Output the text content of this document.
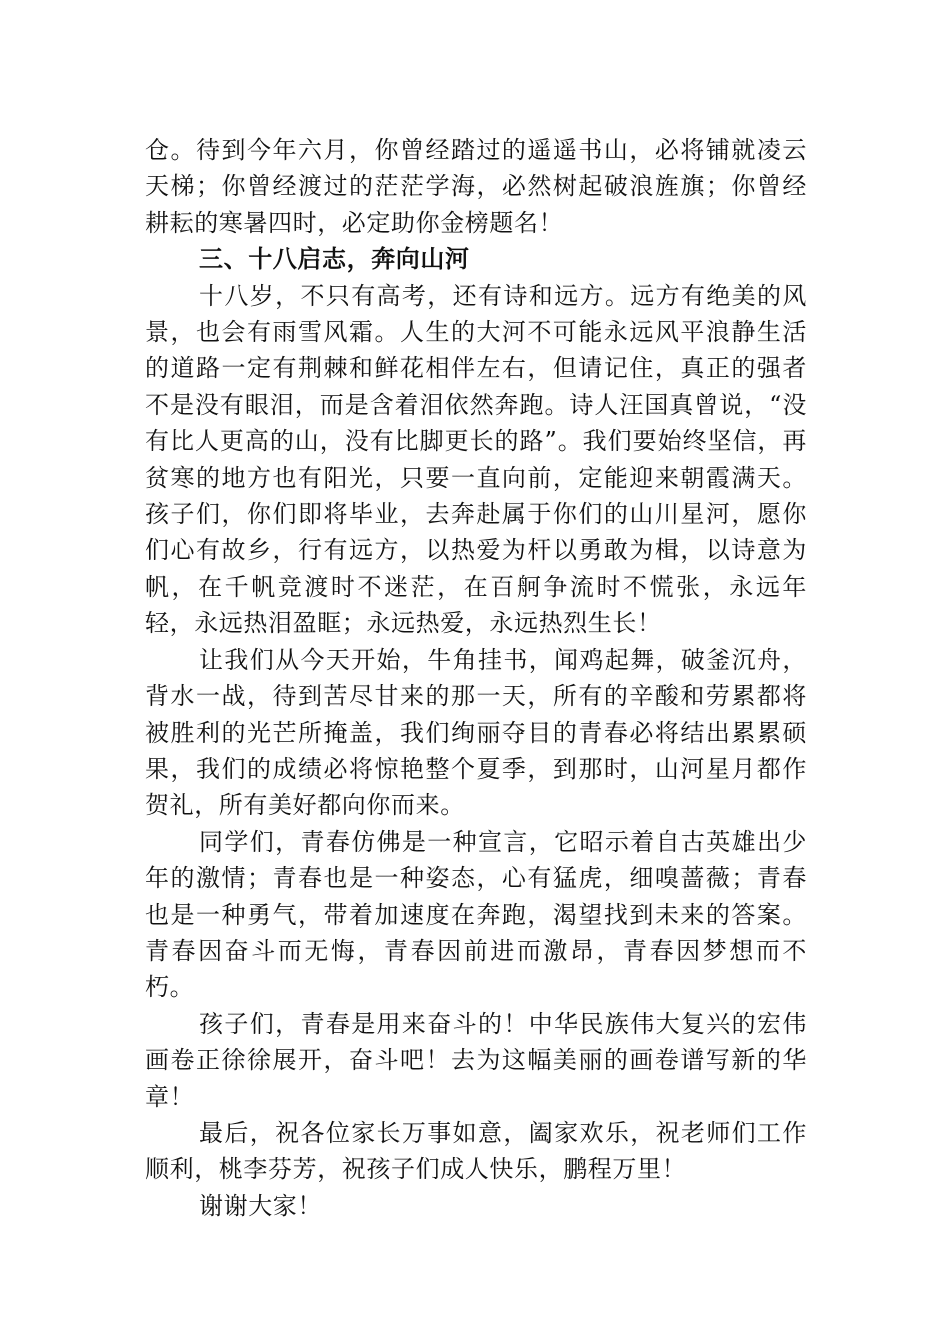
仓。待到今年六月，你曾经踏过的遥遥书山，必将铺就凌云天梯；你曾经渡过的茫茫学海，必然树起破浪旌旗；你曾经耕耘的寒暑四时，必定助你金榜题名！

三、十八启志，奔向山河

十八岁，不只有高考，还有诗和远方。远方有绝美的风景，也会有雨雪风霜。人生的大河不可能永远风平浪静生活的道路一定有荆棘和鲜花相伴左右，但请记住，真正的强者不是没有眼泪，而是含着泪依然奔跑。诗人汪国真曾说，“没有比人更高的山，没有比脚更长的路”。我们要始终坚信，再贫寒的地方也有阳光，只要一直向前，定能迎来朝霞满天。孩子们，你们即将毕业，去奔赴属于你们的山川星河，愿你们心有故乡，行有远方，以热爱为杆以勇敢为楫，以诗意为帆，在千帆竞渡时不迷茫，在百舸争流时不慌张，永远年轻，永远热泪盈眶；永远热爱，永远热烈生长！

让我们从今天开始，牛角挂书，闻鸡起舞，破釜沉舟，背水一战，待到苦尽甘来的那一天，所有的辛酸和劳累都将被胜利的光芒所掩盖，我们绚丽夺目的青春必将结出累累硕果，我们的成绩必将惊艳整个夏季，到那时，山河星月都作贺礼，所有美好都向你而来。

同学们，青春仿佛是一种宣言，它昭示着自古英雄出少年的激情；青春也是一种姿态，心有猛虎，细嗅蔷薇；青春也是一种勇气，带着加速度在奔跑，渴望找到未来的答案。青春因奋斗而无悔，青春因前进而激昂，青春因梦想而不朽。

孩子们，青春是用来奋斗的！中华民族伟大复兴的宏伟画卷正徐徐展开，奋斗吧！去为这幅美丽的画卷谱写新的华章！

最后，祝各位家长万事如意，阖家欢乐，祝老师们工作顺利，桃李芬芳，祝孩子们成人快乐，鹏程万里！

谢谢大家！
